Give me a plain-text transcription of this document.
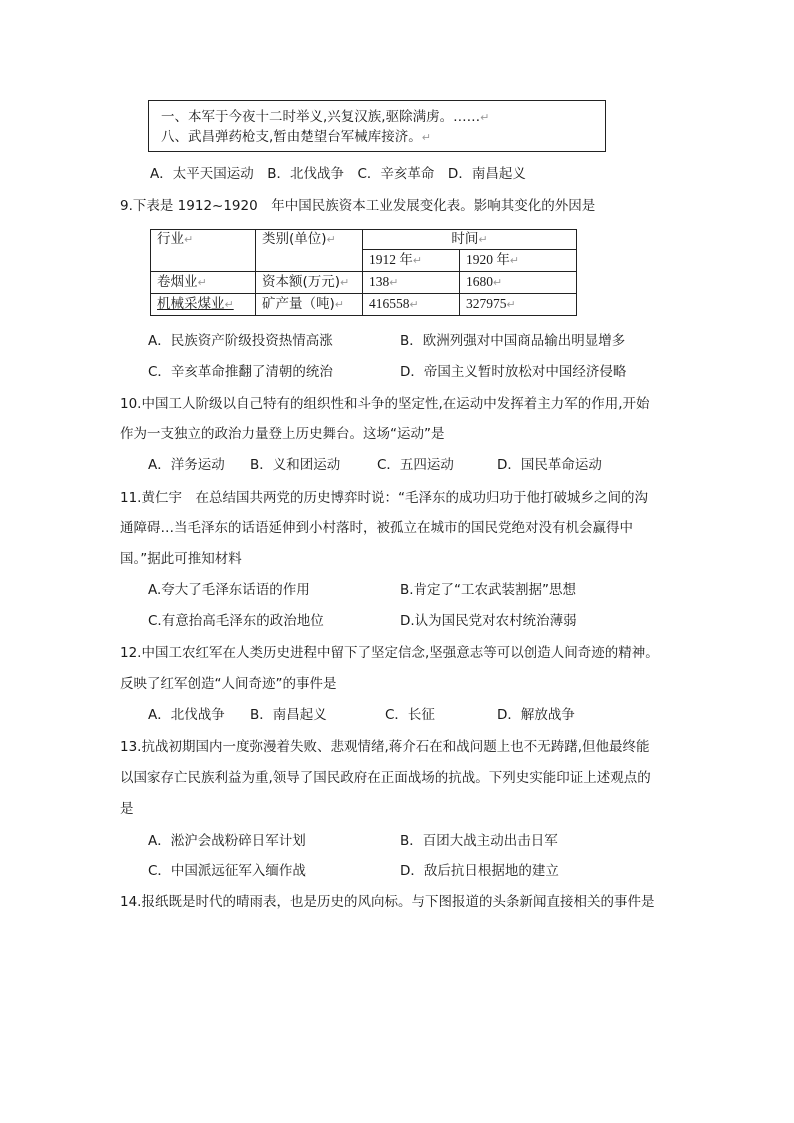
一、本军于今夜十二时举义,兴复汉族,驱除满虏。……↵
八、武昌弹药枪支,暂由楚望台军械库接济。↵
A．太平天国运动　B．北伐战争　C．辛亥革命　D．南昌起义
9.下表是 1912~1920　年中国民族资本工业发展变化表。影响其变化的外因是
行业↵	类别(单位)↵	时间↵	
		1912 年↵	1920 年↵
卷烟业↵	资本额(万元)↵	138↵	1680↵
机械采煤业↵	矿产量（吨)↵	416558↵	327975↵
A．民族资产阶级投资热情高涨	B．欧洲列强对中国商品输出明显增多
C．辛亥革命推翻了清朝的统治	D．帝国主义暂时放松对中国经济侵略
10.中国工人阶级以自己特有的组织性和斗争的坚定性,在运动中发挥着主力军的作用,开始
作为一支独立的政治力量登上历史舞台。这场“运动”是
A．洋务运动 B．义和团运动	C．五四运动	D．国民革命运动
11.黄仁宇　在总结国共两党的历史博弈时说：“毛泽东的成功归功于他打破城乡之间的沟
通障碍…当毛泽东的话语延伸到小村落时，被孤立在城市的国民党绝对没有机会赢得中
国。”据此可推知材料
A.夸大了毛泽东话语的作用	B.肯定了“工农武装割据”思想
C.有意抬高毛泽东的政治地位	D.认为国民党对农村统治薄弱
12.中国工农红军在人类历史进程中留下了坚定信念,坚强意志等可以创造人间奇迹的精神。
反映了红军创造“人间奇迹”的事件是
A．北伐战争 B．南昌起义	C．长征	D．解放战争
13.抗战初期国内一度弥漫着失败、悲观情绪,蒋介石在和战问题上也不无踌躇,但他最终能
以国家存亡民族利益为重,领导了国民政府在正面战场的抗战。下列史实能印证上述观点的
是
A．淞沪会战粉碎日军计划	B．百团大战主动出击日军
C．中国派远征军入缅作战	D．敌后抗日根据地的建立
14.报纸既是时代的晴雨表，也是历史的风向标。与下图报道的头条新闻直接相关的事件是
